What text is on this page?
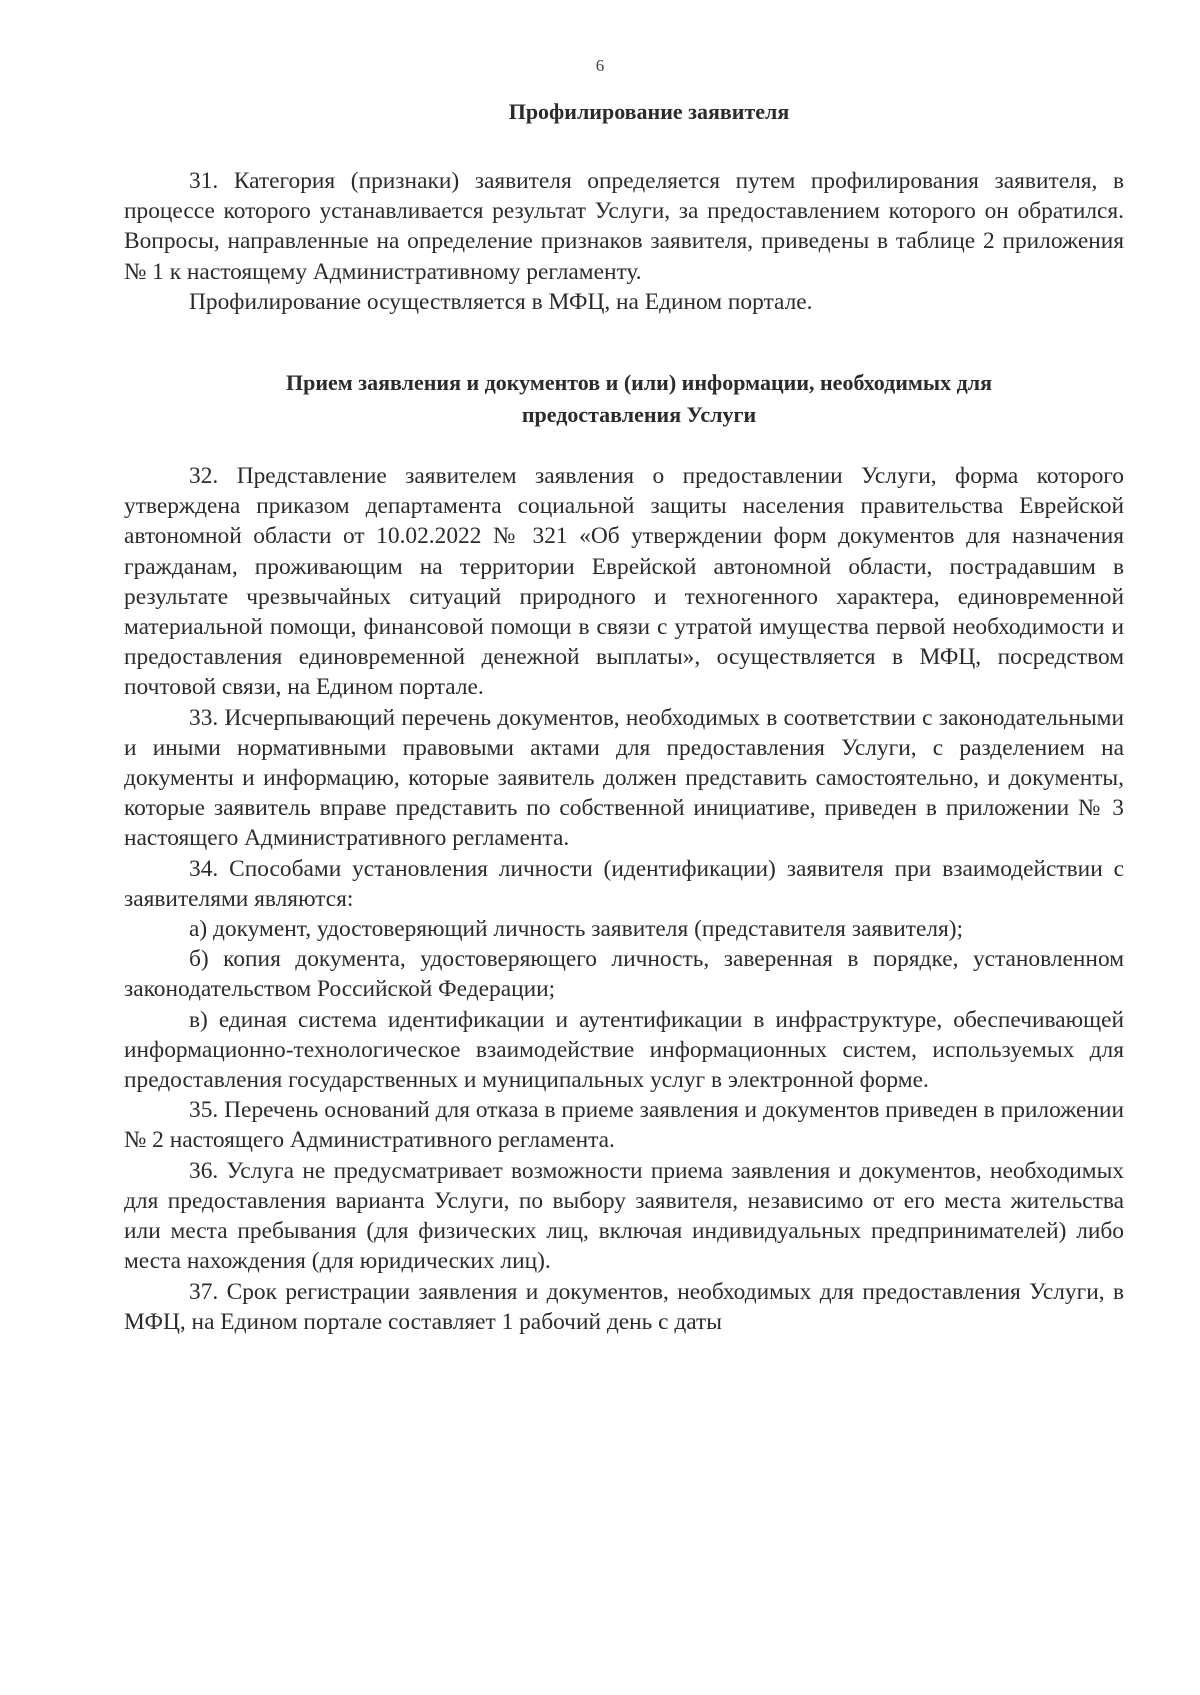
6
Профилирование заявителя

31. Категория (признаки) заявителя определяется путем профилирования заявителя, в процессе которого устанавливается результат Услуги, за предоставлением которого он обратился. Вопросы, направленные на определение признаков заявителя, приведены в таблице 2 приложения № 1 к настоящему Административному регламенту.

Профилирование осуществляется в МФЦ, на Едином портале.

Прием заявления и документов и (или) информации, необходимых для
предоставления Услуги

32. Представление заявителем заявления о предоставлении Услуги, форма которого утверждена приказом департамента социальной защиты населения правительства Еврейской автономной области от 10.02.2022 № 321 «Об утверждении форм документов для назначения гражданам, проживающим на территории Еврейской автономной области, пострадавшим в результате чрезвычайных ситуаций природного и техногенного характера, единовременной материальной помощи, финансовой помощи в связи с утратой имущества первой необходимости и предоставления единовременной денежной выплаты», осуществляется в МФЦ, посредством почтовой связи, на Едином портале.

33. Исчерпывающий перечень документов, необходимых в соответствии с законодательными и иными нормативными правовыми актами для предоставления Услуги, с разделением на документы и информацию, которые заявитель должен представить самостоятельно, и документы, которые заявитель вправе представить по собственной инициативе, приведен в приложении № 3 настоящего Административного регламента.

34. Способами установления личности (идентификации) заявителя при взаимодействии с заявителями являются:

а) документ, удостоверяющий личность заявителя (представителя заявителя);

б) копия документа, удостоверяющего личность, заверенная в порядке, установленном законодательством Российской Федерации;

в) единая система идентификации и аутентификации в инфраструктуре, обеспечивающей информационно-технологическое взаимодействие информационных систем, используемых для предоставления государственных и муниципальных услуг в электронной форме.

35. Перечень оснований для отказа в приеме заявления и документов приведен в приложении № 2 настоящего Административного регламента.

36. Услуга не предусматривает возможности приема заявления и документов, необходимых для предоставления варианта Услуги, по выбору заявителя, независимо от его места жительства или места пребывания (для физических лиц, включая индивидуальных предпринимателей) либо места нахождения (для юридических лиц).

37. Срок регистрации заявления и документов, необходимых для предоставления Услуги, в МФЦ, на Едином портале составляет 1 рабочий день с даты
